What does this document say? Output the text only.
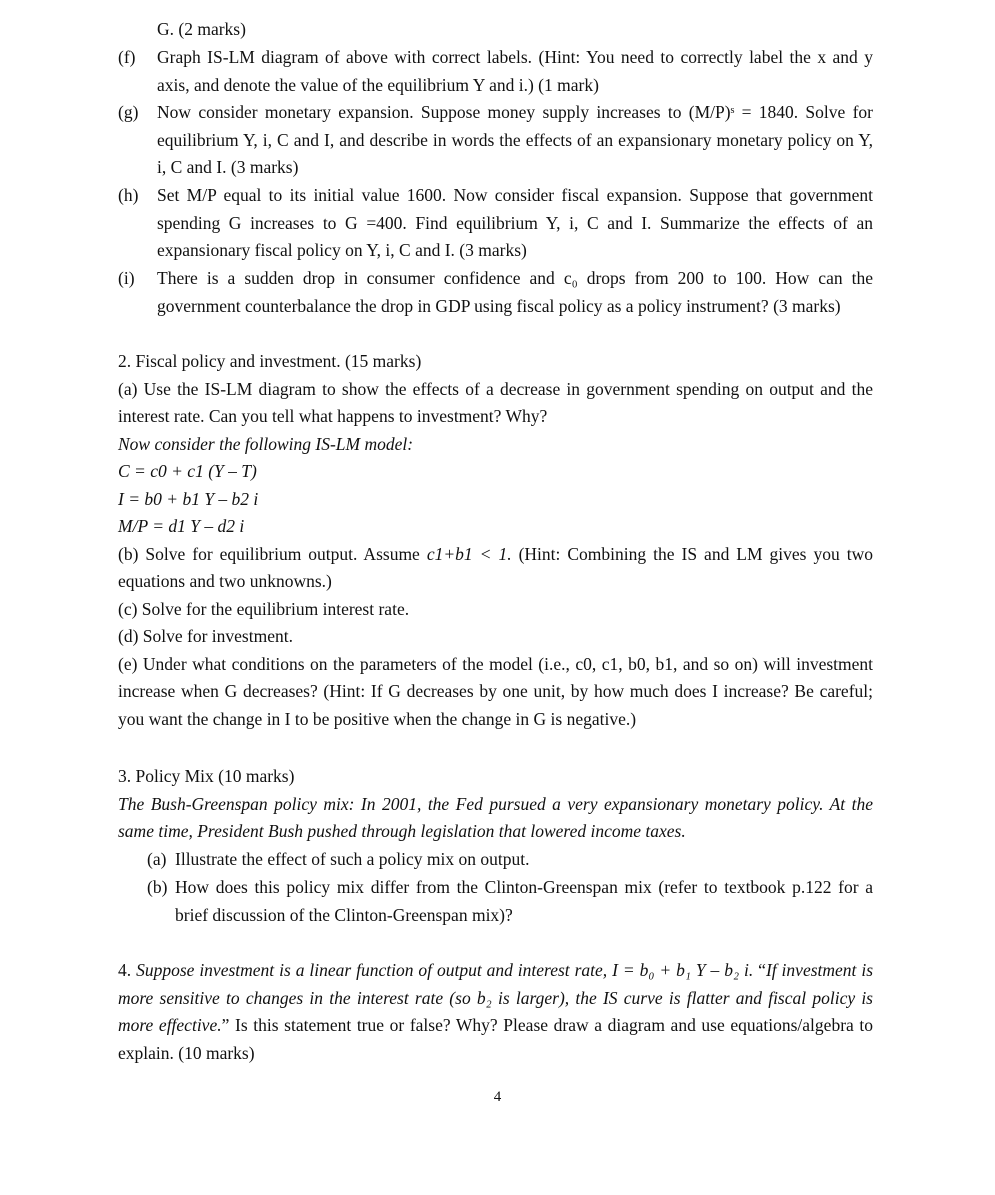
G. (2 marks)
(f) Graph IS-LM diagram of above with correct labels. (Hint: You need to correctly label the x and y axis, and denote the value of the equilibrium Y and i.) (1 mark)
(g) Now consider monetary expansion. Suppose money supply increases to (M/P)ˢ = 1840. Solve for equilibrium Y, i, C and I, and describe in words the effects of an expansionary monetary policy on Y, i, C and I. (3 marks)
(h) Set M/P equal to its initial value 1600. Now consider fiscal expansion. Suppose that government spending G increases to G =400. Find equilibrium Y, i, C and I. Summarize the effects of an expansionary fiscal policy on Y, i, C and I. (3 marks)
(i) There is a sudden drop in consumer confidence and c₀ drops from 200 to 100. How can the government counterbalance the drop in GDP using fiscal policy as a policy instrument? (3 marks)
2. Fiscal policy and investment. (15 marks)
(a) Use the IS-LM diagram to show the effects of a decrease in government spending on output and the interest rate. Can you tell what happens to investment? Why?
Now consider the following IS-LM model:
C = c0 + c1 (Y – T)
I = b0 + b1 Y – b2 i
M/P = d1 Y – d2 i
(b) Solve for equilibrium output. Assume c1+b1 < 1. (Hint: Combining the IS and LM gives you two equations and two unknowns.)
(c) Solve for the equilibrium interest rate.
(d) Solve for investment.
(e) Under what conditions on the parameters of the model (i.e., c0, c1, b0, b1, and so on) will investment increase when G decreases? (Hint: If G decreases by one unit, by how much does I increase? Be careful; you want the change in I to be positive when the change in G is negative.)
3. Policy Mix (10 marks)
The Bush-Greenspan policy mix: In 2001, the Fed pursued a very expansionary monetary policy. At the same time, President Bush pushed through legislation that lowered income taxes.
(a) Illustrate the effect of such a policy mix on output.
(b) How does this policy mix differ from the Clinton-Greenspan mix (refer to textbook p.122 for a brief discussion of the Clinton-Greenspan mix)?
4. Suppose investment is a linear function of output and interest rate, I = b₀ + b₁ Y – b₂ i. “If investment is more sensitive to changes in the interest rate (so b₂ is larger), the IS curve is flatter and fiscal policy is more effective.” Is this statement true or false? Why? Please draw a diagram and use equations/algebra to explain. (10 marks)
4
